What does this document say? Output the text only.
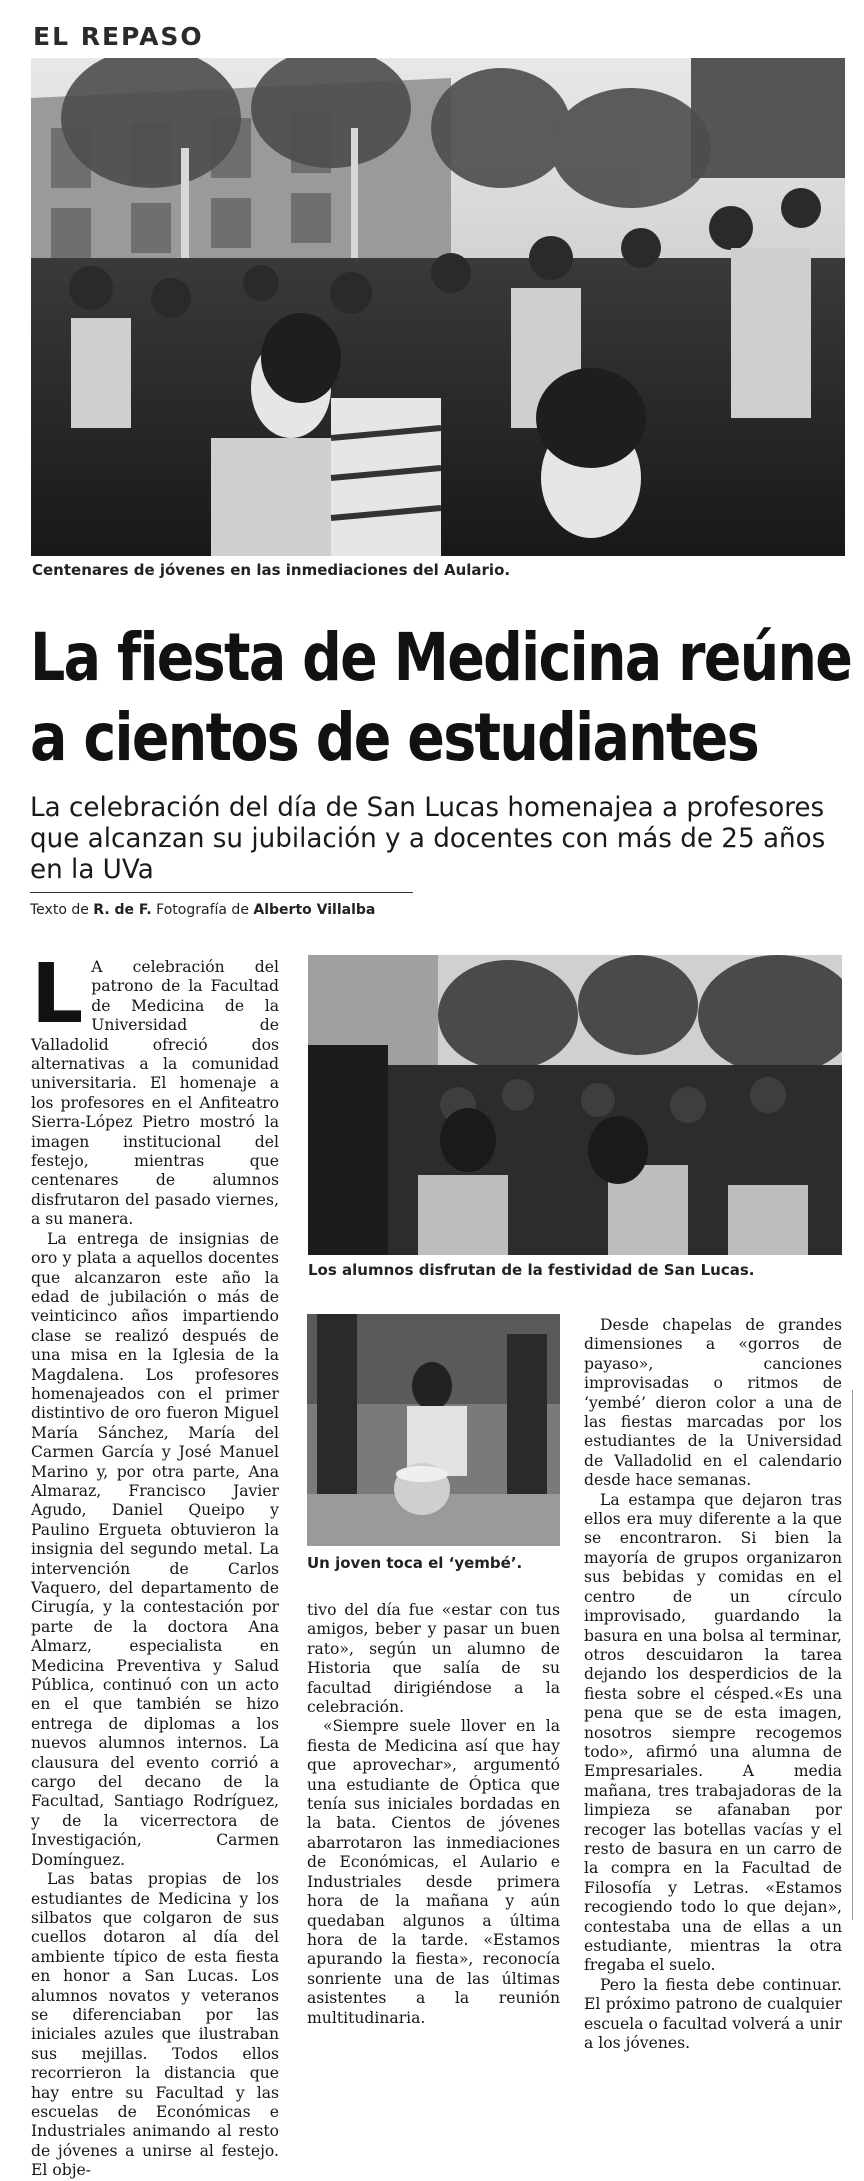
EL REPASO
Centenares de jóvenes en las inmediaciones del Aulario.
La fiesta de Medicina reúne
a cientos de estudiantes
La celebración del día de San Lucas homenajea a profesores
que alcanzan su jubilación y a docentes con más de 25 años
en la UVa
Texto de R. de F. Fotografía de Alberto Villalba
Los alumnos disfrutan de la festividad de San Lucas.
Un joven toca el ‘yembé’.

L A celebración del patrono de la Facultad de Medicina de la Universidad de Valladolid ofreció dos alternativas a la comunidad universitaria. El homenaje a los profesores en el Anfiteatro Sierra-López Pietro mostró la imagen institucional del festejo, mientras que centenares de alumnos disfrutaron del pasado viernes, a su manera.

La entrega de insignias de oro y plata a aquellos docentes que alcanzaron este año la edad de jubilación o más de veinticinco años impartiendo clase se realizó después de una misa en la Iglesia de la Magdalena. Los profesores homenajeados con el primer distintivo de oro fueron Miguel María Sánchez, María del Carmen García y José Manuel Marino y, por otra parte, Ana Almaraz, Francisco Javier Agudo, Daniel Queipo y Paulino Ergueta obtuvieron la insignia del segundo metal. La intervención de Carlos Vaquero, del departamento de Cirugía, y la contestación por parte de la doctora Ana Almarz, especialista en Medicina Preventiva y Salud Pública, continuó con un acto en el que también se hizo entrega de diplomas a los nuevos alumnos internos. La clausura del evento corrió a cargo del decano de la Facultad, Santiago Rodríguez, y de la vicerrectora de Investigación, Carmen Domínguez.

Las batas propias de los estudiantes de Medicina y los silbatos que colgaron de sus cuellos dotaron al día del ambiente típico de esta fiesta en honor a San Lucas. Los alumnos novatos y veteranos se diferenciaban por las iniciales azules que ilustraban sus mejillas. Todos ellos recorrieron la distancia que hay entre su Facultad y las escuelas de Económicas e Industriales animando al resto de jóvenes a unirse al festejo. El obje-

tivo del día fue «estar con tus amigos, beber y pasar un buen rato», según un alumno de Historia que salía de su facultad dirigiéndose a la celebración.

«Siempre suele llover en la fiesta de Medicina así que hay que aprovechar», argumentó una estudiante de Óptica que tenía sus iniciales bordadas en la bata. Cientos de jóvenes abarrotaron las inmediaciones de Económicas, el Aulario e Industriales desde primera hora de la mañana y aún quedaban algunos a última hora de la tarde. «Estamos apurando la fiesta», reconocía sonriente una de las últimas asistentes a la reunión multitudinaria.

Desde chapelas de grandes dimensiones a «gorros de payaso», canciones improvisadas o ritmos de ‘yembé’ dieron color a una de las fiestas marcadas por los estudiantes de la Universidad de Valladolid en el calendario desde hace semanas.

La estampa que dejaron tras ellos era muy diferente a la que se encontraron. Si bien la mayoría de grupos organizaron sus bebidas y comidas en el centro de un círculo improvisado, guardando la basura en una bolsa al terminar, otros descuidaron la tarea dejando los desperdicios de la fiesta sobre el césped.«Es una pena que se de esta imagen, nosotros siempre recogemos todo», afirmó una alumna de Empresariales. A media mañana, tres trabajadoras de la limpieza se afanaban por recoger las botellas vacías y el resto de basura en un carro de la compra en la Facultad de Filosofía y Letras. «Estamos recogiendo todo lo que dejan», contestaba una de ellas a un estudiante, mientras la otra fregaba el suelo.

Pero la fiesta debe continuar. El próximo patrono de cualquier escuela o facultad volverá a unir a los jóvenes.
